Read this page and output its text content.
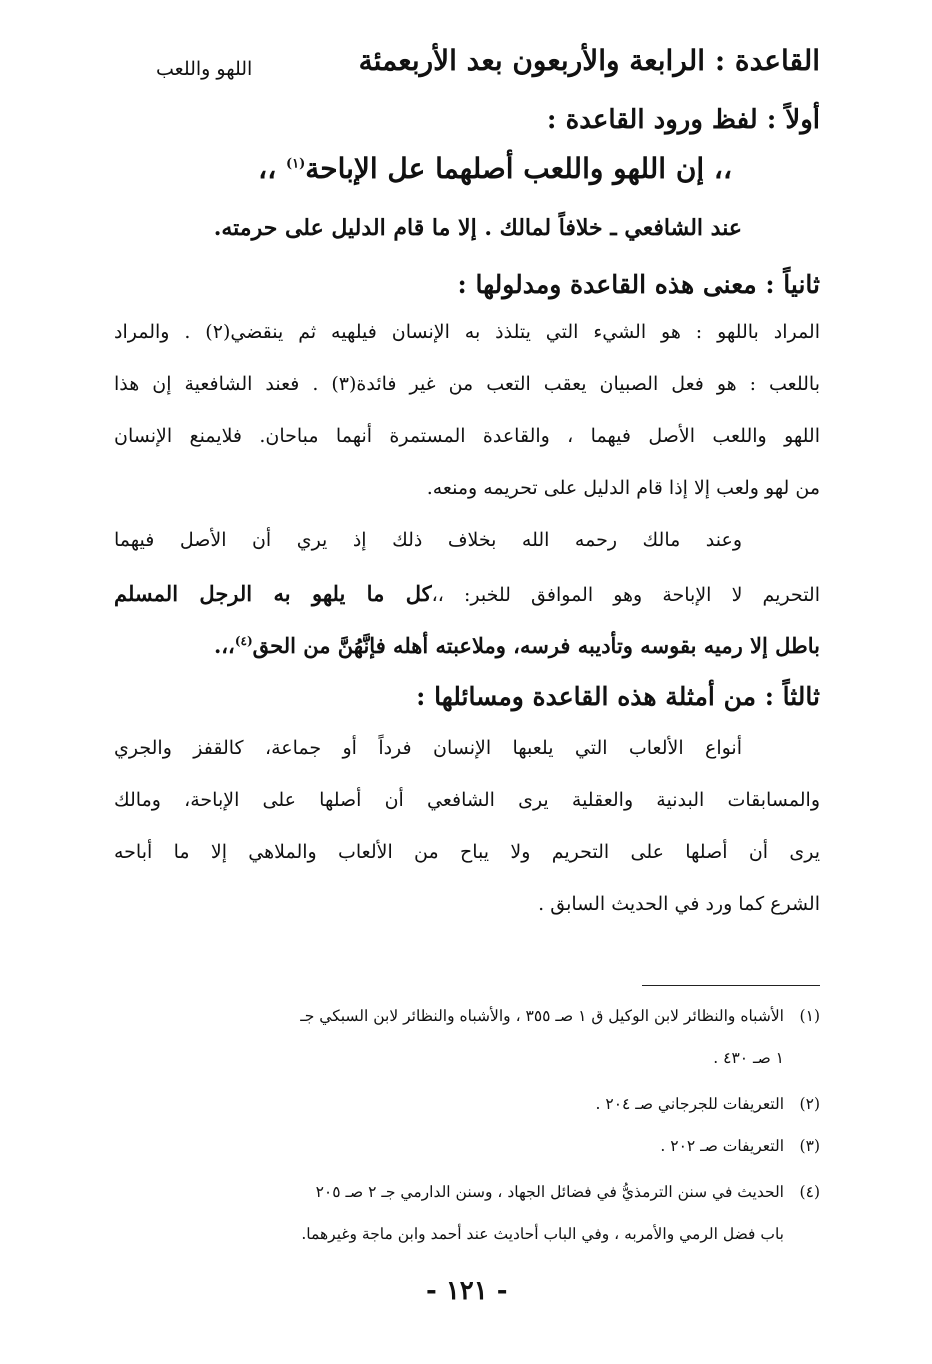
القاعدة : الرابعة والأربعون بعد الأربعمئة
اللهو واللعب
أولاً : لفظ ورود القاعدة :
،، إن اللهو واللعب أصلهما عل الإباحة$^{(١)}$ ،،
عند الشافعي ـ خلافاً لمالك . إلا ما قام الدليل على حرمته.
ثانياً : معنى هذه القاعدة ومدلولها :
المراد باللهو : هو الشيء التي يتلذذ به الإنسان فيلهيه ثم ينقضي(٢) . والمراد
باللعب : هو فعل الصبيان يعقب التعب من غير فائدة(٣) . فعند الشافعية إن هذا
اللهو واللعب الأصل فيهما ، والقاعدة المستمرة أنهما مباحان. فلايمنع الإنسان
من لهو ولعب إلا إذا قام الدليل على تحريمه ومنعه.
وعند مالك رحمه الله بخلاف ذلك إذ يري أن الأصل فيهما
التحريم لا الإباحة وهو الموافق للخبر: ،،كل ما يلهو به الرجل المسلم
باطل إلا رميه بقوسه وتأديبه فرسه، وملاعبته أهله فإنَّهُنَّ من الحق$^{(٤)}$،،.
ثالثاً : من أمثلة هذه القاعدة ومسائلها :
أنواع الألعاب التي يلعبها الإنسان فرداً أو جماعة، كالقفز والجري
والمسابقات البدنية والعقلية يرى الشافعي أن أصلها على الإباحة، ومالك
يرى أن أصلها على التحريم ولا يباح من الألعاب والملاهي إلا ما أباحه
الشرع كما ورد في الحديث السابق .
(١)الأشباه والنظائر لابن الوكيل ق ١ صـ ٣٥٥ ، والأشباه والنظائر لابن السبكي جـ
١ صـ ٤٣٠ .
(٢)التعريفات للجرجاني صـ ٢٠٤ .
(٣)التعريفات صـ ٢٠٢ .
(٤)الحديث في سنن الترمذيُّ في فضائل الجهاد ، وسنن الدارمي جـ ٢ صـ ٢٠٥
باب فضل الرمي والأمربه ، وفي الباب أحاديث عند أحمد وابن ماجة وغيرهما.
- ١٢١ -
